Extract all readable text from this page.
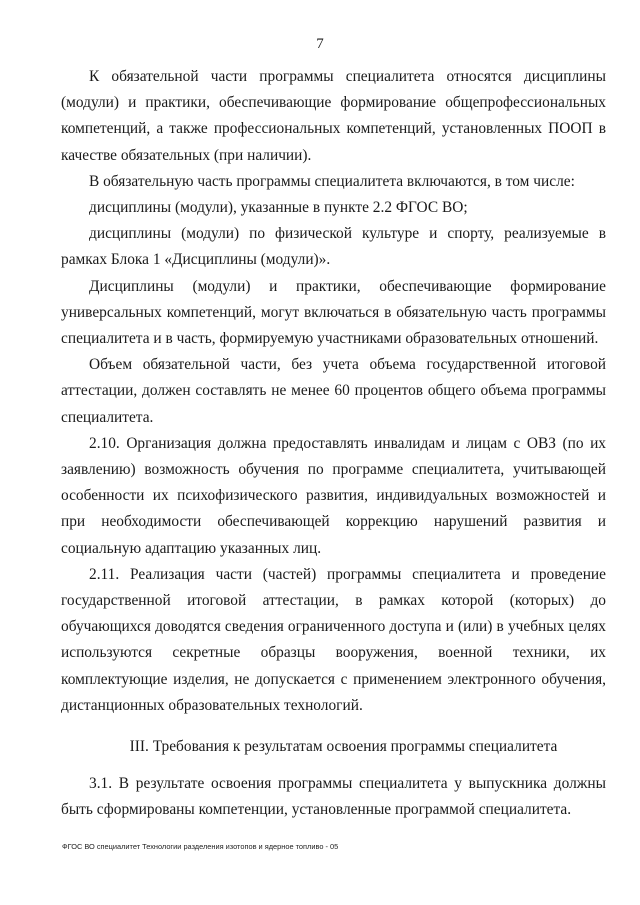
7

К обязательной части программы специалитета относятся дисциплины (модули) и практики, обеспечивающие формирование общепрофессиональных компетенций, а также профессиональных компетенций, установленных ПООП в качестве обязательных (при наличии).

В обязательную часть программы специалитета включаются, в том числе:

дисциплины (модули), указанные в пункте 2.2 ФГОС ВО;

дисциплины (модули) по физической культуре и спорту, реализуемые в рамках Блока 1 «Дисциплины (модули)».

Дисциплины (модули) и практики, обеспечивающие формирование универсальных компетенций, могут включаться в обязательную часть программы специалитета и в часть, формируемую участниками образовательных отношений.

Объем обязательной части, без учета объема государственной итоговой аттестации, должен составлять не менее 60 процентов общего объема программы специалитета.

2.10. Организация должна предоставлять инвалидам и лицам с ОВЗ (по их заявлению) возможность обучения по программе специалитета, учитывающей особенности их психофизического развития, индивидуальных возможностей и при необходимости обеспечивающей коррекцию нарушений развития и социальную адаптацию указанных лиц.

2.11. Реализация части (частей) программы специалитета и проведение государственной итоговой аттестации, в рамках которой (которых) до обучающихся доводятся сведения ограниченного доступа и (или) в учебных целях используются секретные образцы вооружения, военной техники, их комплектующие изделия, не допускается с применением электронного обучения, дистанционных образовательных технологий.

III. Требования к результатам освоения программы специалитета

3.1. В результате освоения программы специалитета у выпускника должны быть сформированы компетенции, установленные программой специалитета.

ФГОС ВО специалитет Технологии разделения изотопов и ядерное топливо - 05
